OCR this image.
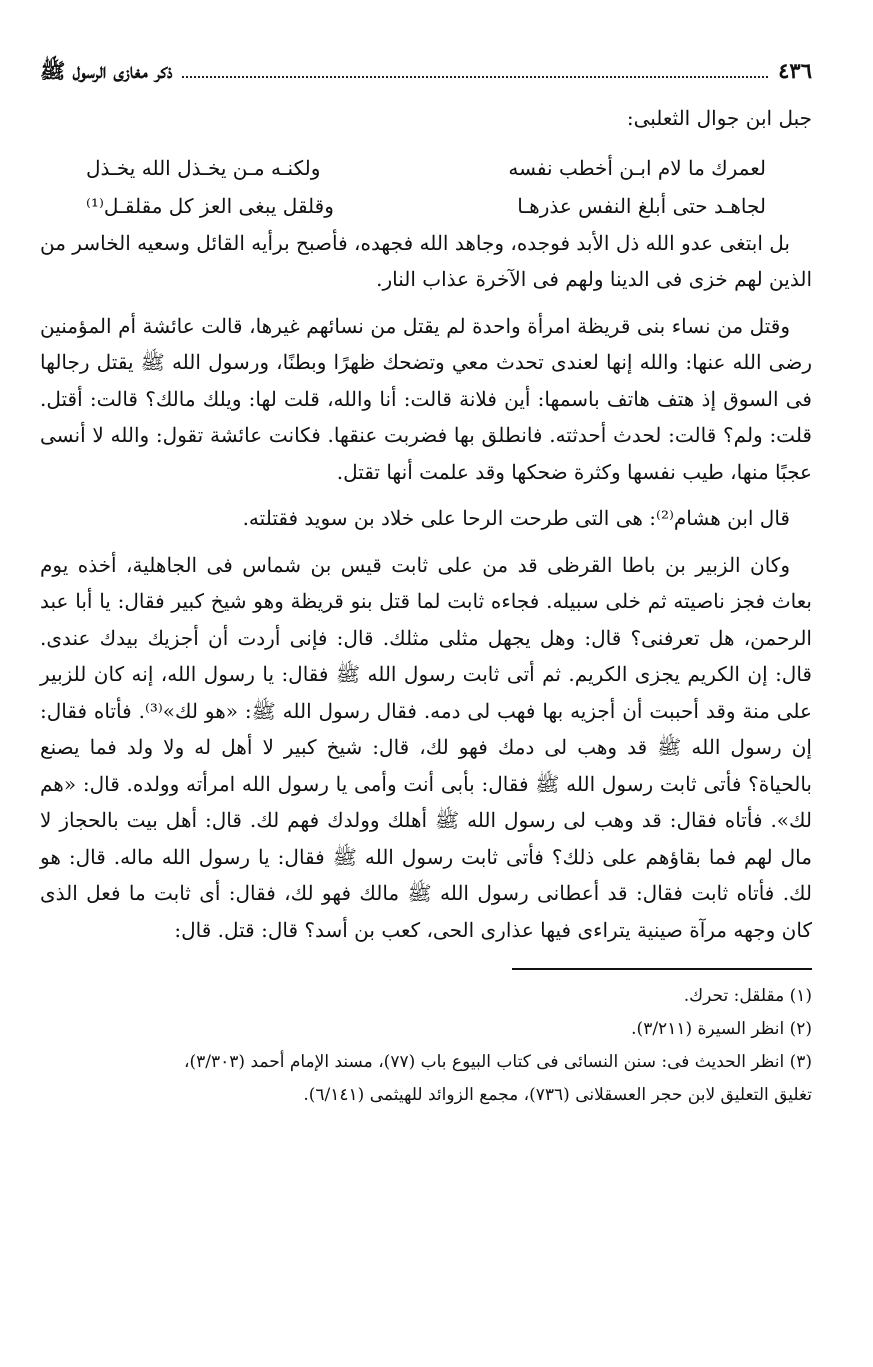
٤٣٦
ذكر مغازى الرسول ﷺ

جبل ابن جوال الثعلبى:

لعمرك ما لام ابـن أخطب نفسه
ولكنـه مـن يخـذل الله يخـذل
لجاهـد حتى أبلغ النفس عذرهـا
وقلقل يبغى العز كل مقلقـل⁽¹⁾

بل ابتغى عدو الله ذل الأبد فوجده، وجاهد الله فجهده، فأصبح برأيه القائل وسعيه الخاسر من الذين لهم خزى فى الدينا ولهم فى الآخرة عذاب النار.

وقتل من نساء بنى قريظة امرأة واحدة لم يقتل من نسائهم غيرها، قالت عائشة أم المؤمنين رضى الله عنها: والله إنها لعندى تحدث معي وتضحك ظهرًا وبطنًا، ورسول الله ﷺ يقتل رجالها فى السوق إذ هتف هاتف باسمها: أين فلانة قالت: أنا والله، قلت لها: ويلك مالك؟ قالت: أقتل. قلت: ولم؟ قالت: لحدث أحدثته. فانطلق بها فضربت عنقها. فكانت عائشة تقول: والله لا أنسى عجبًا منها، طيب نفسها وكثرة ضحكها وقد علمت أنها تقتل.

قال ابن هشام⁽²⁾: هى التى طرحت الرحا على خلاد بن سويد فقتلته.

وكان الزبير بن باطا القرظى قد من على ثابت قيس بن شماس فى الجاهلية، أخذه يوم بعاث فجز ناصيته ثم خلى سبيله. فجاءه ثابت لما قتل بنو قريظة وهو شيخ كبير فقال: يا أبا عبد الرحمن، هل تعرفنى؟ قال: وهل يجهل مثلى مثلك. قال: فإنى أردت أن أجزيك بيدك عندى. قال: إن الكريم يجزى الكريم. ثم أتى ثابت رسول الله ﷺ فقال: يا رسول الله، إنه كان للزبير على منة وقد أحببت أن أجزيه بها فهب لى دمه. فقال رسول الله ﷺ: «هو لك»⁽³⁾. فأتاه فقال: إن رسول الله ﷺ قد وهب لى دمك فهو لك، قال: شيخ كبير لا أهل له ولا ولد فما يصنع بالحياة؟ فأتى ثابت رسول الله ﷺ فقال: بأبى أنت وأمى يا رسول الله امرأته وولده. قال: «هم لك». فأتاه فقال: قد وهب لى رسول الله ﷺ أهلك وولدك فهم لك. قال: أهل بيت بالحجاز لا مال لهم فما بقاؤهم على ذلك؟ فأتى ثابت رسول الله ﷺ فقال: يا رسول الله ماله. قال: هو لك. فأتاه ثابت فقال: قد أعطانى رسول الله ﷺ مالك فهو لك، فقال: أى ثابت ما فعل الذى كان وجهه مرآة صينية يتراءى فيها عذارى الحى، كعب بن أسد؟ قال: قتل. قال:

(١) مقلقل: تحرك.
(٢) انظر السيرة (٣/٢١١).
(٣) انظر الحديث فى: سنن النسائى فى كتاب البيوع باب (٧٧)، مسند الإمام أحمد (٣/٣٠٣)،
تغليق التعليق لابن حجر العسقلانى (٧٣٦)، مجمع الزوائد للهيثمى (٦/١٤١).
